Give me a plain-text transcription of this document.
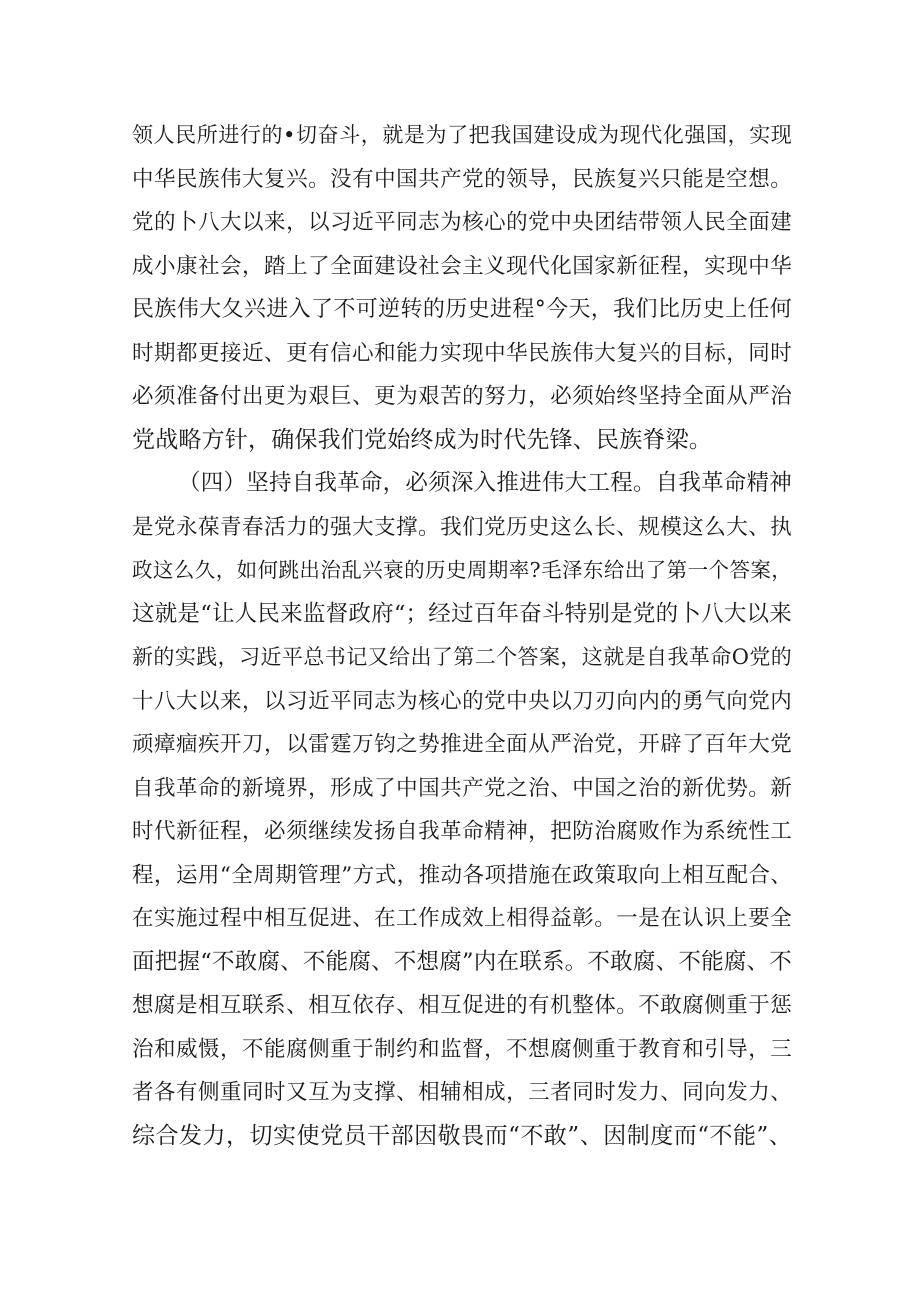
领人民所进行的•切奋斗，就是为了把我国建设成为现代化强国，实现
中华民族伟大复兴。没有中国共产党的领导，民族复兴只能是空想。
党的卜八大以来，以习近平同志为核心的党中央团结带领人民全面建
成小康社会，踏上了全面建设社会主义现代化国家新征程，实现中华
民族伟大夂兴进入了不可逆转的历史进程°今天，我们比历史上任何
时期都更接近、更有信心和能力实现中华民族伟大复兴的目标，同时
必须准备付出更为艰巨、更为艰苦的努力，必须始终坚持全面从严治
党战略方针，确保我们党始终成为时代先锋、民族脊梁。
（四）坚持自我革命，必须深入推进伟大工程。自我革命精神
是党永葆青春活力的强大支撑。我们党历史这么长、规模这么大、执
政这么久，如何跳出治乱兴衰的历史周期率?毛泽东给出了第一个答案，
这就是“让人民来监督政府“；经过百年奋斗特别是党的卜八大以来
新的实践，习近平总书记又给出了第二个答案，这就是自我革命O党的
十八大以来，以习近平同志为核心的党中央以刀刃向内的勇气向党内
顽瘴痼疾开刀，以雷霆万钧之势推进全面从严治党，开辟了百年大党
自我革命的新境界，形成了中国共产党之治、中国之治的新优势。新
时代新征程，必须继续发扬自我革命精神，把防治腐败作为系统性工
程，运用“全周期管理”方式，推动各项措施在政策取向上相互配合、
在实施过程中相互促进、在工作成效上相得益彰。一是在认识上要全
面把握“不敢腐、不能腐、不想腐”内在联系。不敢腐、不能腐、不
想腐是相互联系、相互依存、相互促进的有机整体。不敢腐侧重于惩
治和威慑，不能腐侧重于制约和监督，不想腐侧重于教育和引导，三
者各有侧重同时又互为支撑、相辅相成，三者同时发力、同向发力、
综合发力，切实使党员干部因敬畏而“不敢”、因制度而“不能”、
